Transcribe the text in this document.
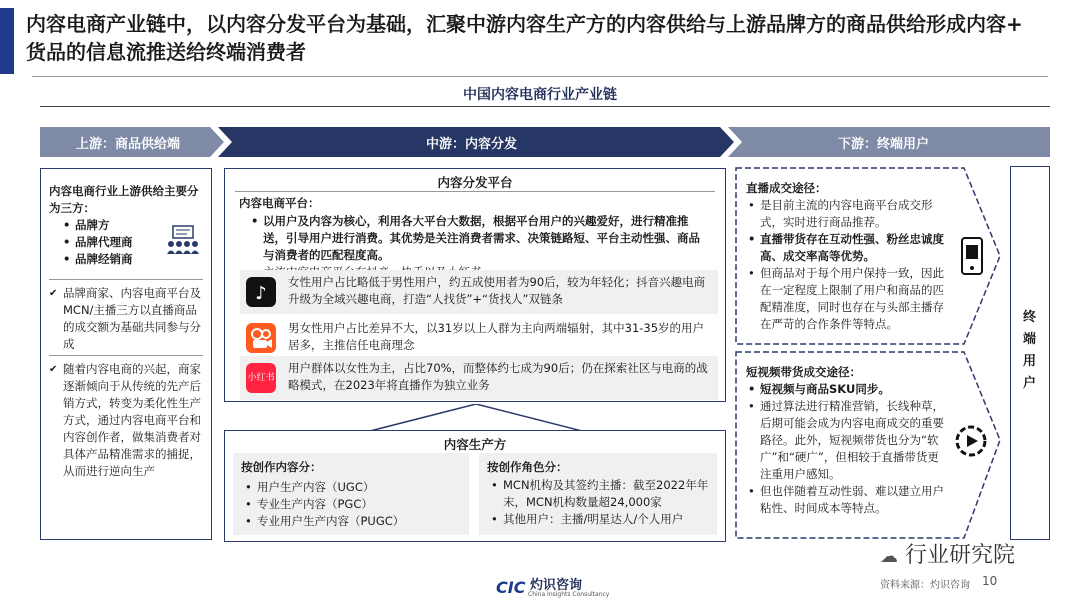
内容电商产业链中，以内容分发平台为基础，汇聚中游内容生产方的内容供给与上游品牌方的商品供给形成内容+
货品的信息流推送给终端消费者
中国内容电商行业产业链
上游：商品供给端	中游：内容分发	下游：终端用户
内容电商行业上游供给主要分为三方：
• 品牌方
• 品牌代理商
• 品牌经销商
✔ 品牌商家、内容电商平台及MCN/主播三方以直播商品的成交额为基础共同参与分成
✔ 随着内容电商的兴起，商家逐渐倾向于从传统的先产后销方式，转变为柔化性生产方式，通过内容电商平台和内容创作者，做集消费者对具体产品精准需求的捕捉，从而进行逆向生产
内容分发平台
内容电商平台：
• 以用户及内容为核心，利用各大平台大数据，根据平台用户的兴趣爱好，进行精准推送，引导用户进行消费。其优势是关注消费者需求、决策链路短、平台主动性强、商品与消费者的匹配程度高。
•
♪
女性用户占比略低于男性用户，约五成使用者为90后，较为年轻化；抖音兴趣电商升级为全域兴趣电商，打造“人找货”+“货找人”双链条
男女性用户占比差异不大，以31岁以上人群为主向两端辐射，其中31-35岁的用户居多，主推信任电商理念
小红书
用户群体以女性为主，占比70%，而整体约七成为90后；仍在探索社区与电商的战略模式，在2023年将直播作为独立业务
内容生产方
按创作内容分：
• 用户生产内容（UGC）
• 专业生产内容（PGC）
• 专业用户生产内容（PUGC）
按创作角色分：
• MCN机构及其签约主播：截至2022年年末，MCN机构数量超24,000家
• 其他用户：主播/明星达人/个人用户
直播成交途径：
• 是目前主流的内容电商平台成交形式，实时进行商品推荐。
• 直播带货存在互动性强、粉丝忠诚度高、成交率高等优势。
• 但商品对于每个用户保持一致，因此在一定程度上限制了用户和商品的匹配精准度，同时也存在与头部主播存在严苛的合作条件等特点。
短视频带货成交途径：
• 短视频与商品SKU同步。
• 通过算法进行精准营销，长线种草，后期可能会成为内容电商成交的重要路径。此外，短视频带货也分为“软广”和“硬广”，但相较于直播带货更注重用户感知。
• 但也伴随着互动性弱、难以建立用户粘性、时间成本等特点。
终端用户
CIC 灼识咨询
China Insights Consultancy
☁ 行业研究院
资料来源：灼识咨询 10
